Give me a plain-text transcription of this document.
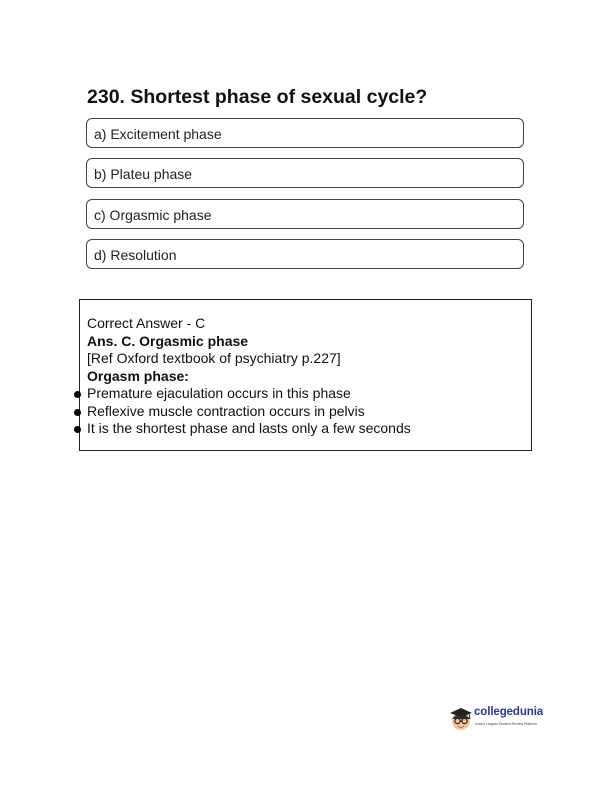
230. Shortest phase of sexual cycle?
a) Excitement phase
b) Plateu phase
c) Orgasmic phase
d) Resolution
Correct Answer - C
Ans. C. Orgasmic phase
[Ref Oxford textbook of psychiatry p.227]
Orgasm phase:
Premature ejaculation occurs in this phase
Reflexive muscle contraction occurs in pelvis
It is the shortest phase and lasts only a few seconds
collegedunia
India's Largest Student Review Platform
